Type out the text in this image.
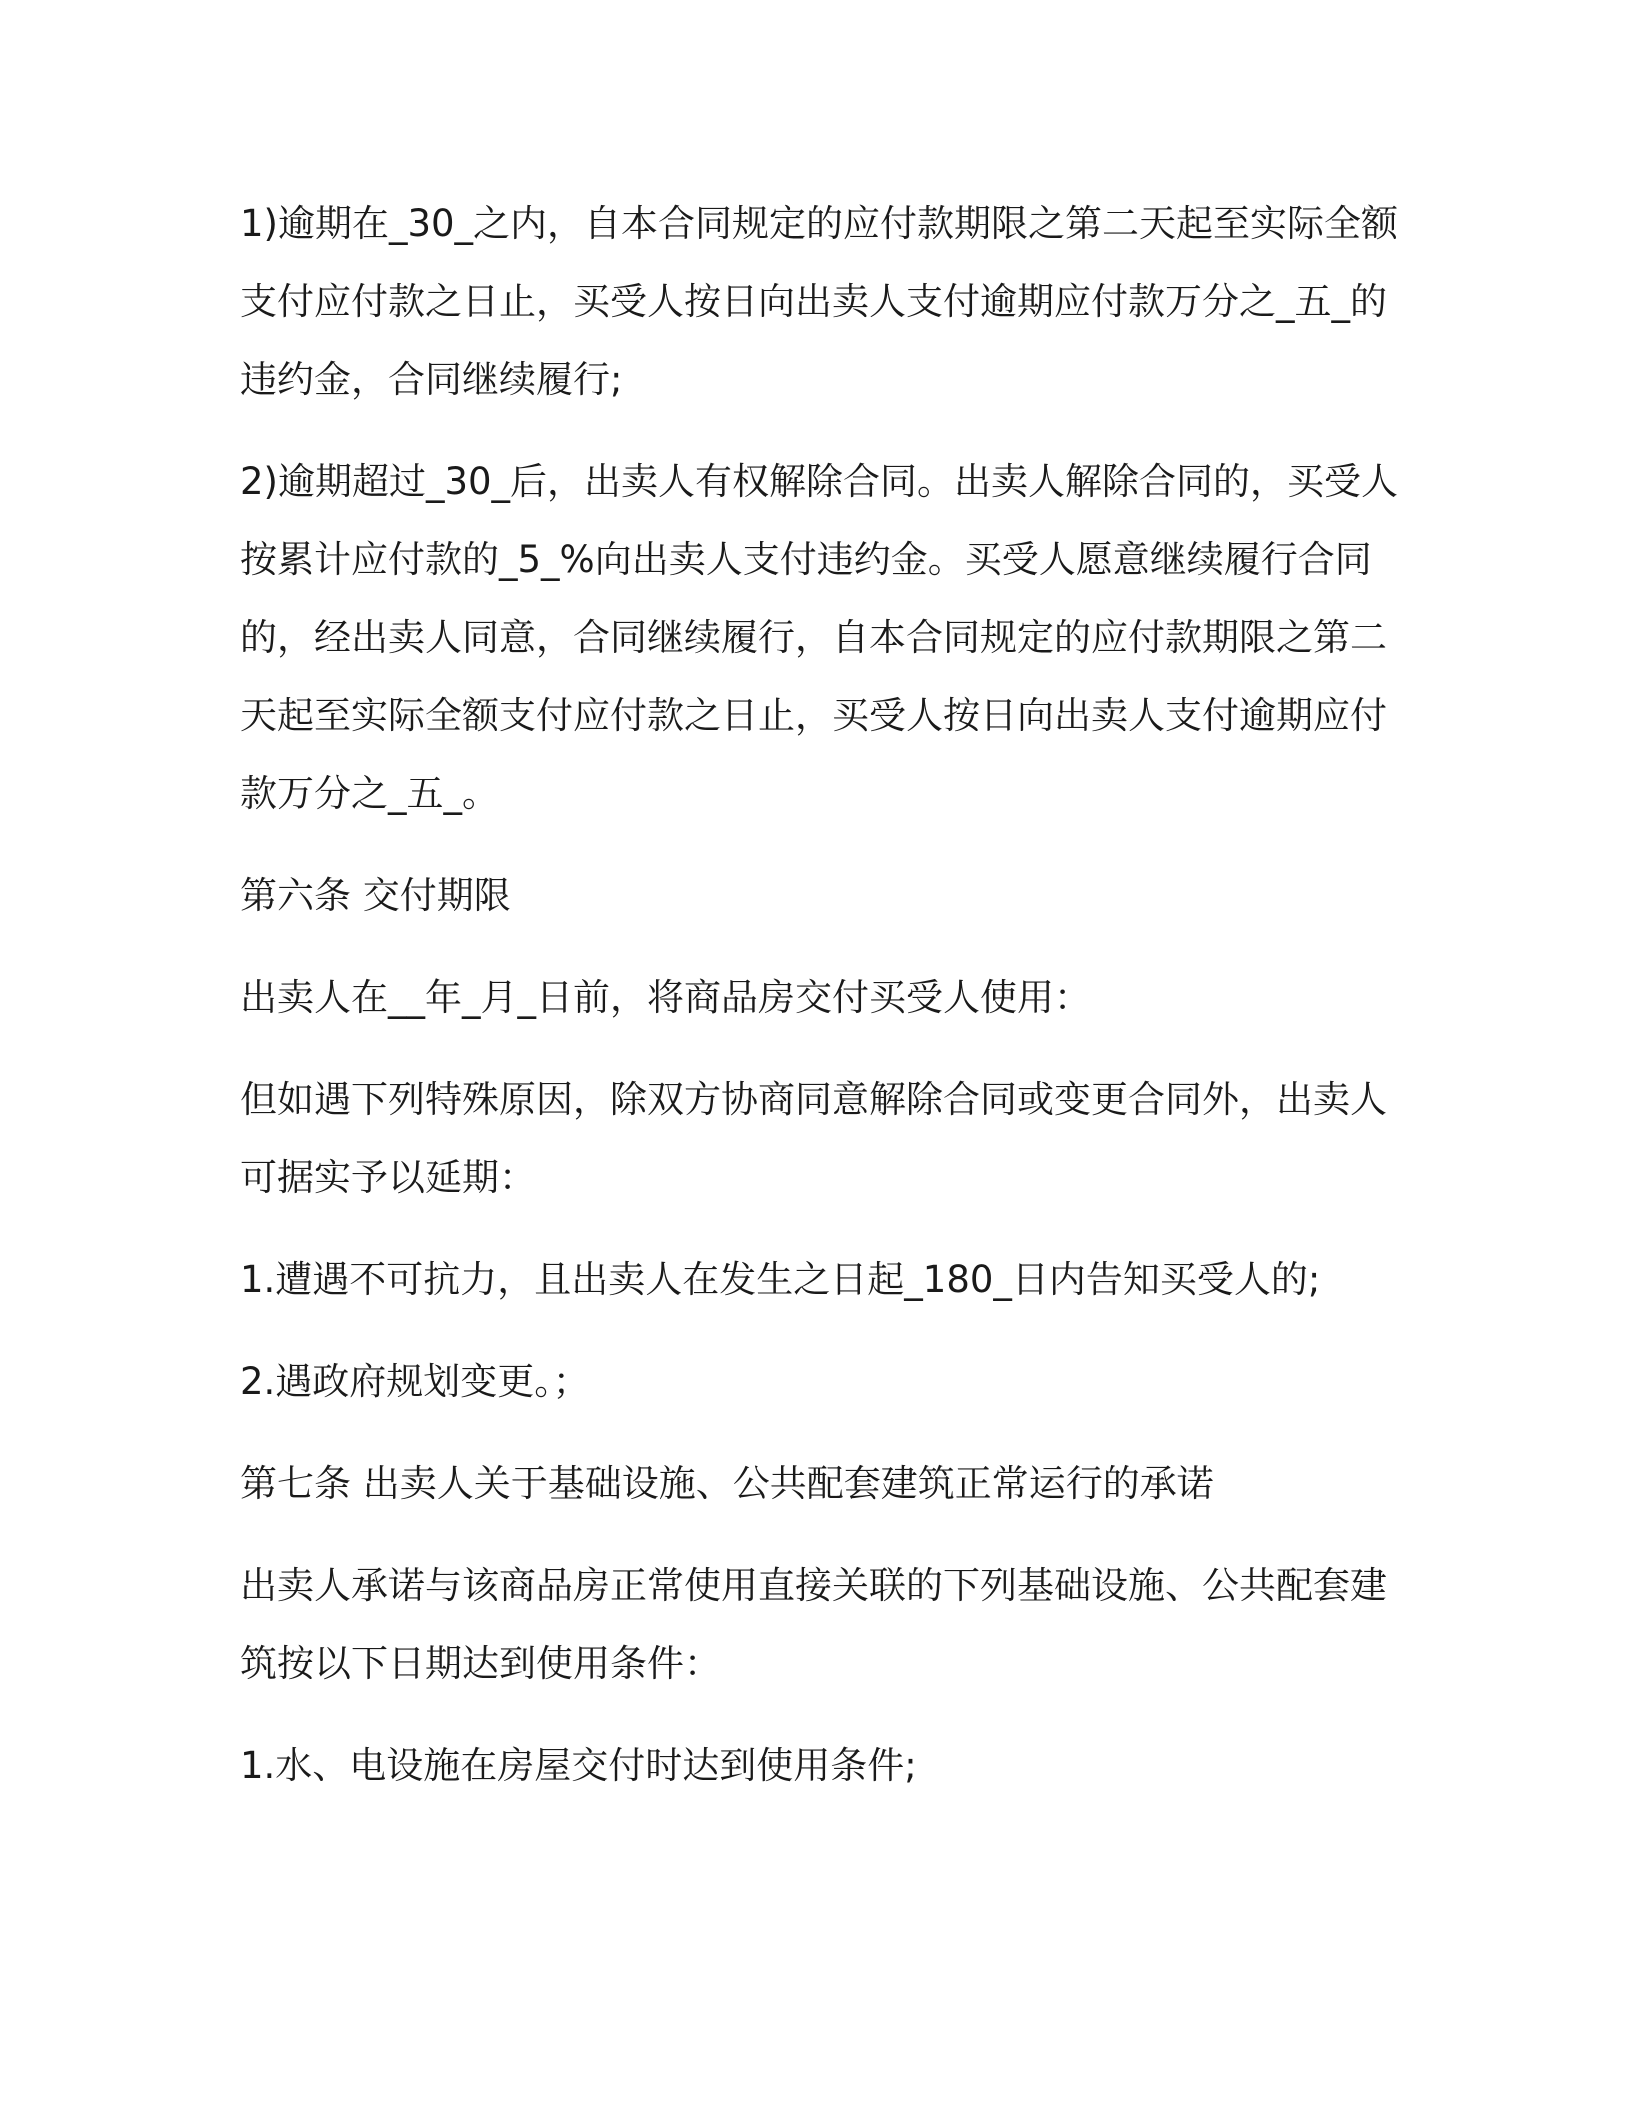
1)逾期在_30_之内，自本合同规定的应付款期限之第二天起至实际全额支付应付款之日止，买受人按日向出卖人支付逾期应付款万分之_五_的违约金，合同继续履行;

2)逾期超过_30_后，出卖人有权解除合同。出卖人解除合同的，买受人按累计应付款的_5_%向出卖人支付违约金。买受人愿意继续履行合同的，经出卖人同意，合同继续履行，自本合同规定的应付款期限之第二天起至实际全额支付应付款之日止，买受人按日向出卖人支付逾期应付款万分之_五_。

第六条 交付期限

出卖人在__年_月_日前，将商品房交付买受人使用：

但如遇下列特殊原因，除双方协商同意解除合同或变更合同外，出卖人可据实予以延期：

1.遭遇不可抗力，且出卖人在发生之日起_180_日内告知买受人的;

2.遇政府规划变更。；

第七条 出卖人关于基础设施、公共配套建筑正常运行的承诺

出卖人承诺与该商品房正常使用直接关联的下列基础设施、公共配套建筑按以下日期达到使用条件：

1.水、电设施在房屋交付时达到使用条件;
